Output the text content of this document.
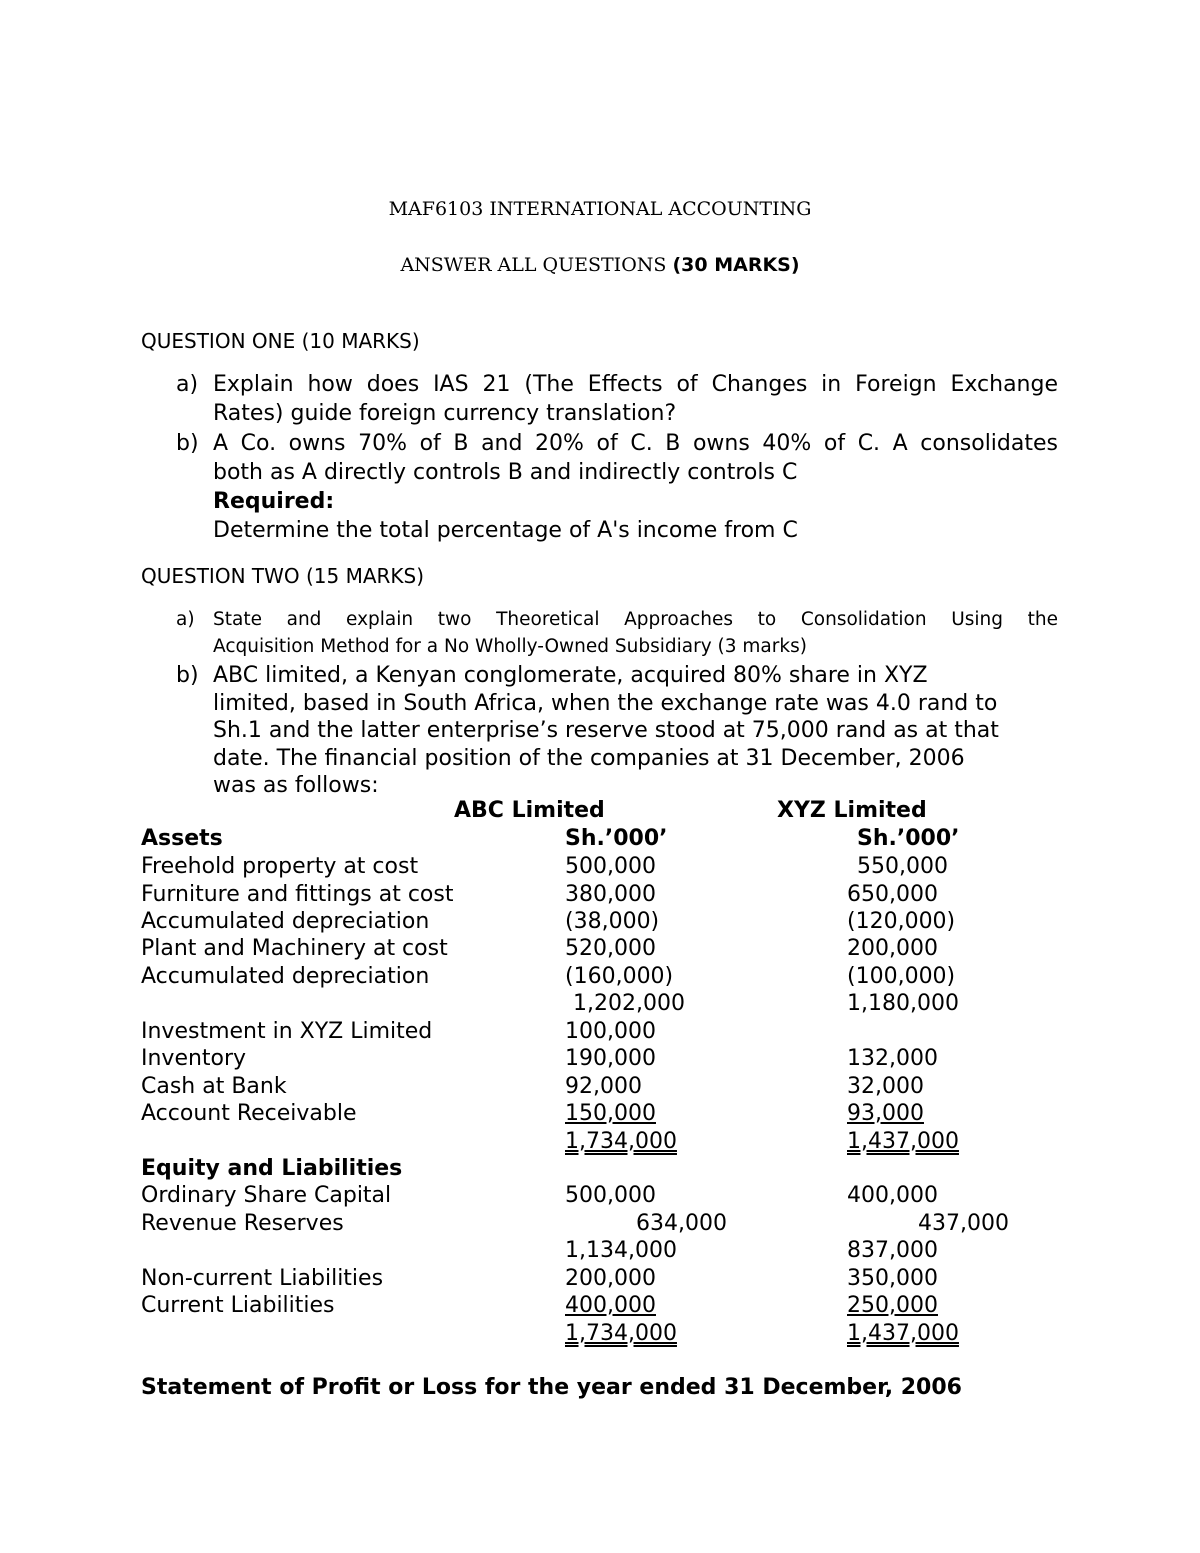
MAF6103 INTERNATIONAL ACCOUNTING
ANSWER ALL QUESTIONS (30 MARKS)
QUESTION ONE (10 MARKS)
a) Explain how does IAS 21 (The Effects of Changes in Foreign Exchange
Rates) guide foreign currency translation?
b) A Co. owns 70% of B and 20% of C. B owns 40% of C. A consolidates
both as A directly controls B and indirectly controls C
Required:
Determine the total percentage of A's income from C
QUESTION TWO (15 MARKS)
a) State and explain two Theoretical Approaches to Consolidation Using the
Acquisition Method for a No Wholly-Owned Subsidiary (3 marks)
b) ABC limited, a Kenyan conglomerate, acquired 80% share in XYZ
limited, based in South Africa, when the exchange rate was 4.0 rand to
Sh.1 and the latter enterprise’s reserve stood at 75,000 rand as at that
date. The financial position of the companies at 31 December, 2006
was as follows:
ABC Limited	XYZ Limited
Assets	Sh.’000’	Sh.’000’
Freehold property at cost	500,000	550,000
Furniture and fittings at cost	380,000	650,000
Accumulated depreciation	(38,000)	(120,000)
Plant and Machinery at cost	520,000	200,000
Accumulated depreciation	(160,000)	(100,000)
1,202,000	1,180,000
Investment in XYZ Limited	100,000
Inventory	190,000	132,000
Cash at Bank	92,000	32,000
Account Receivable	150,000	93,000
1,734,000	1,437,000
Equity and Liabilities
Ordinary Share Capital	500,000	400,000
Revenue Reserves	634,000	437,000
1,134,000	837,000
Non-current Liabilities	200,000	350,000
Current Liabilities	400,000	250,000
1,734,000	1,437,000
Statement of Profit or Loss for the year ended 31 December, 2006
